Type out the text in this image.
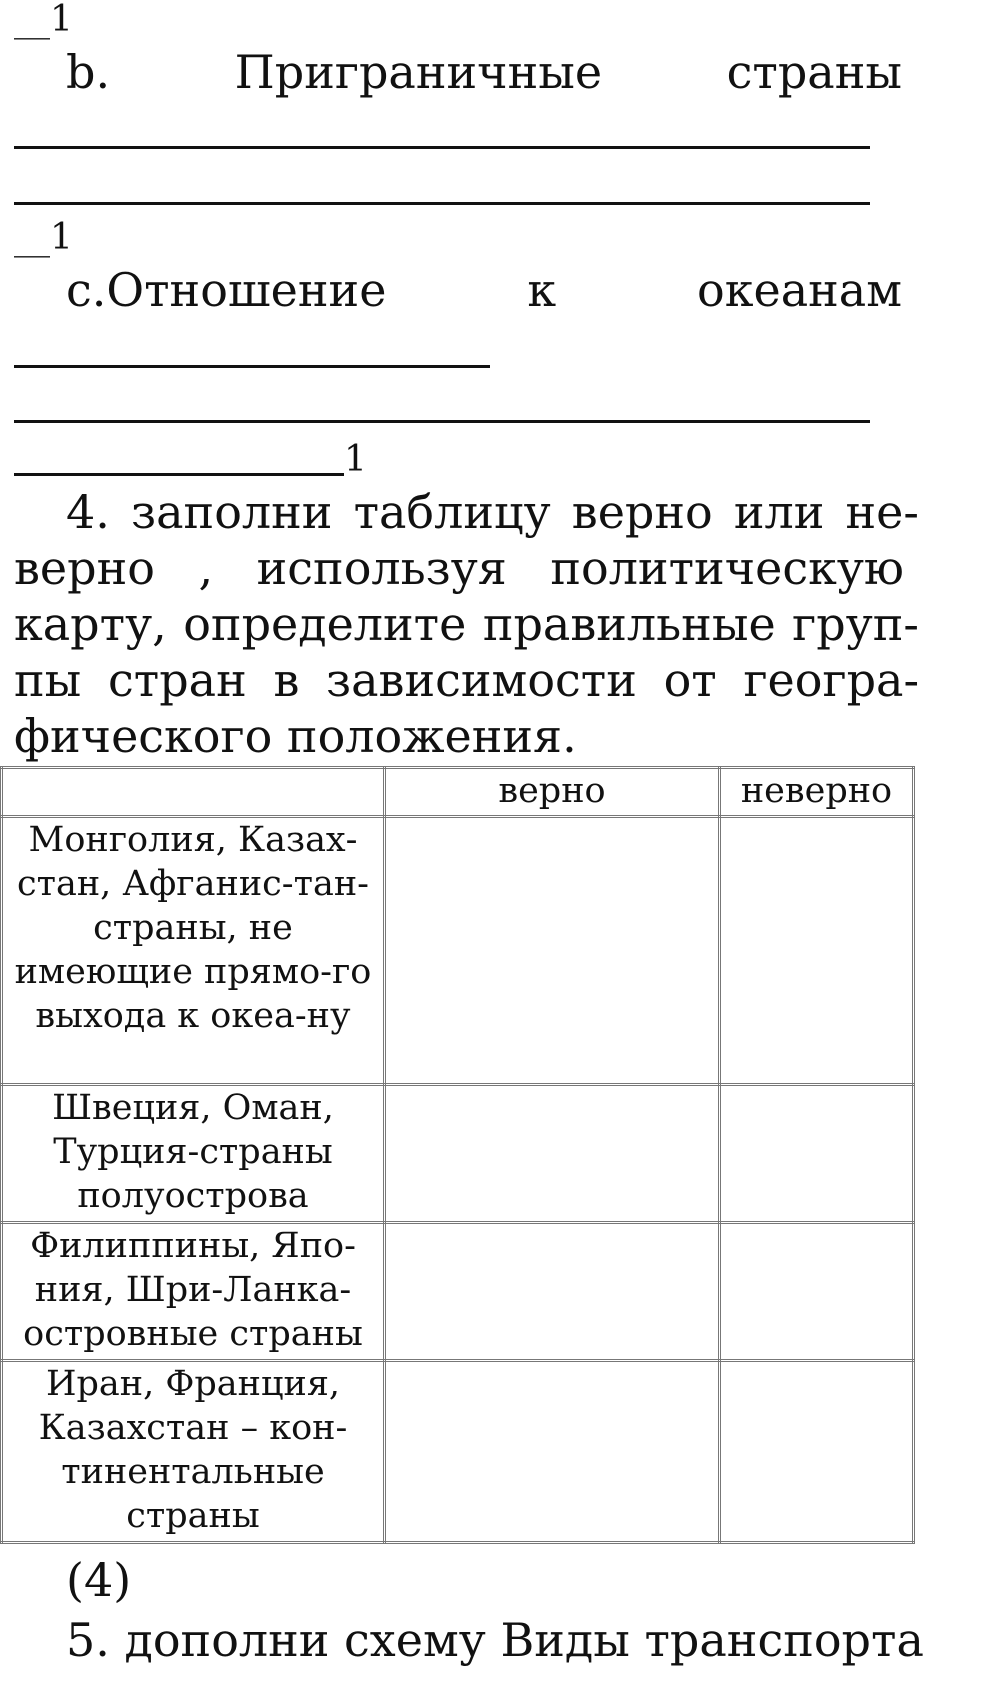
__1
b.	Приграничные	страны
__1
с.Отношение	к	океанам
1
4. заполни таблицу верно или не-
верно , используя политическую
карту, определите правильные груп-
пы стран в зависимости от геогра-
фического положения.
	верно	неверно
Монголия, Казах-стан, Афганис-тан-страны, не имеющие прямо-го выхода к океа-ну		
Швеция, Оман, Турция-страны полуострова		
Филиппины, Япо-ния, Шри-Ланка-островные страны		
Иран, Франция, Казахстан – кон-тинентальные страны		
(4)
5. дополни схему Виды транспорта
